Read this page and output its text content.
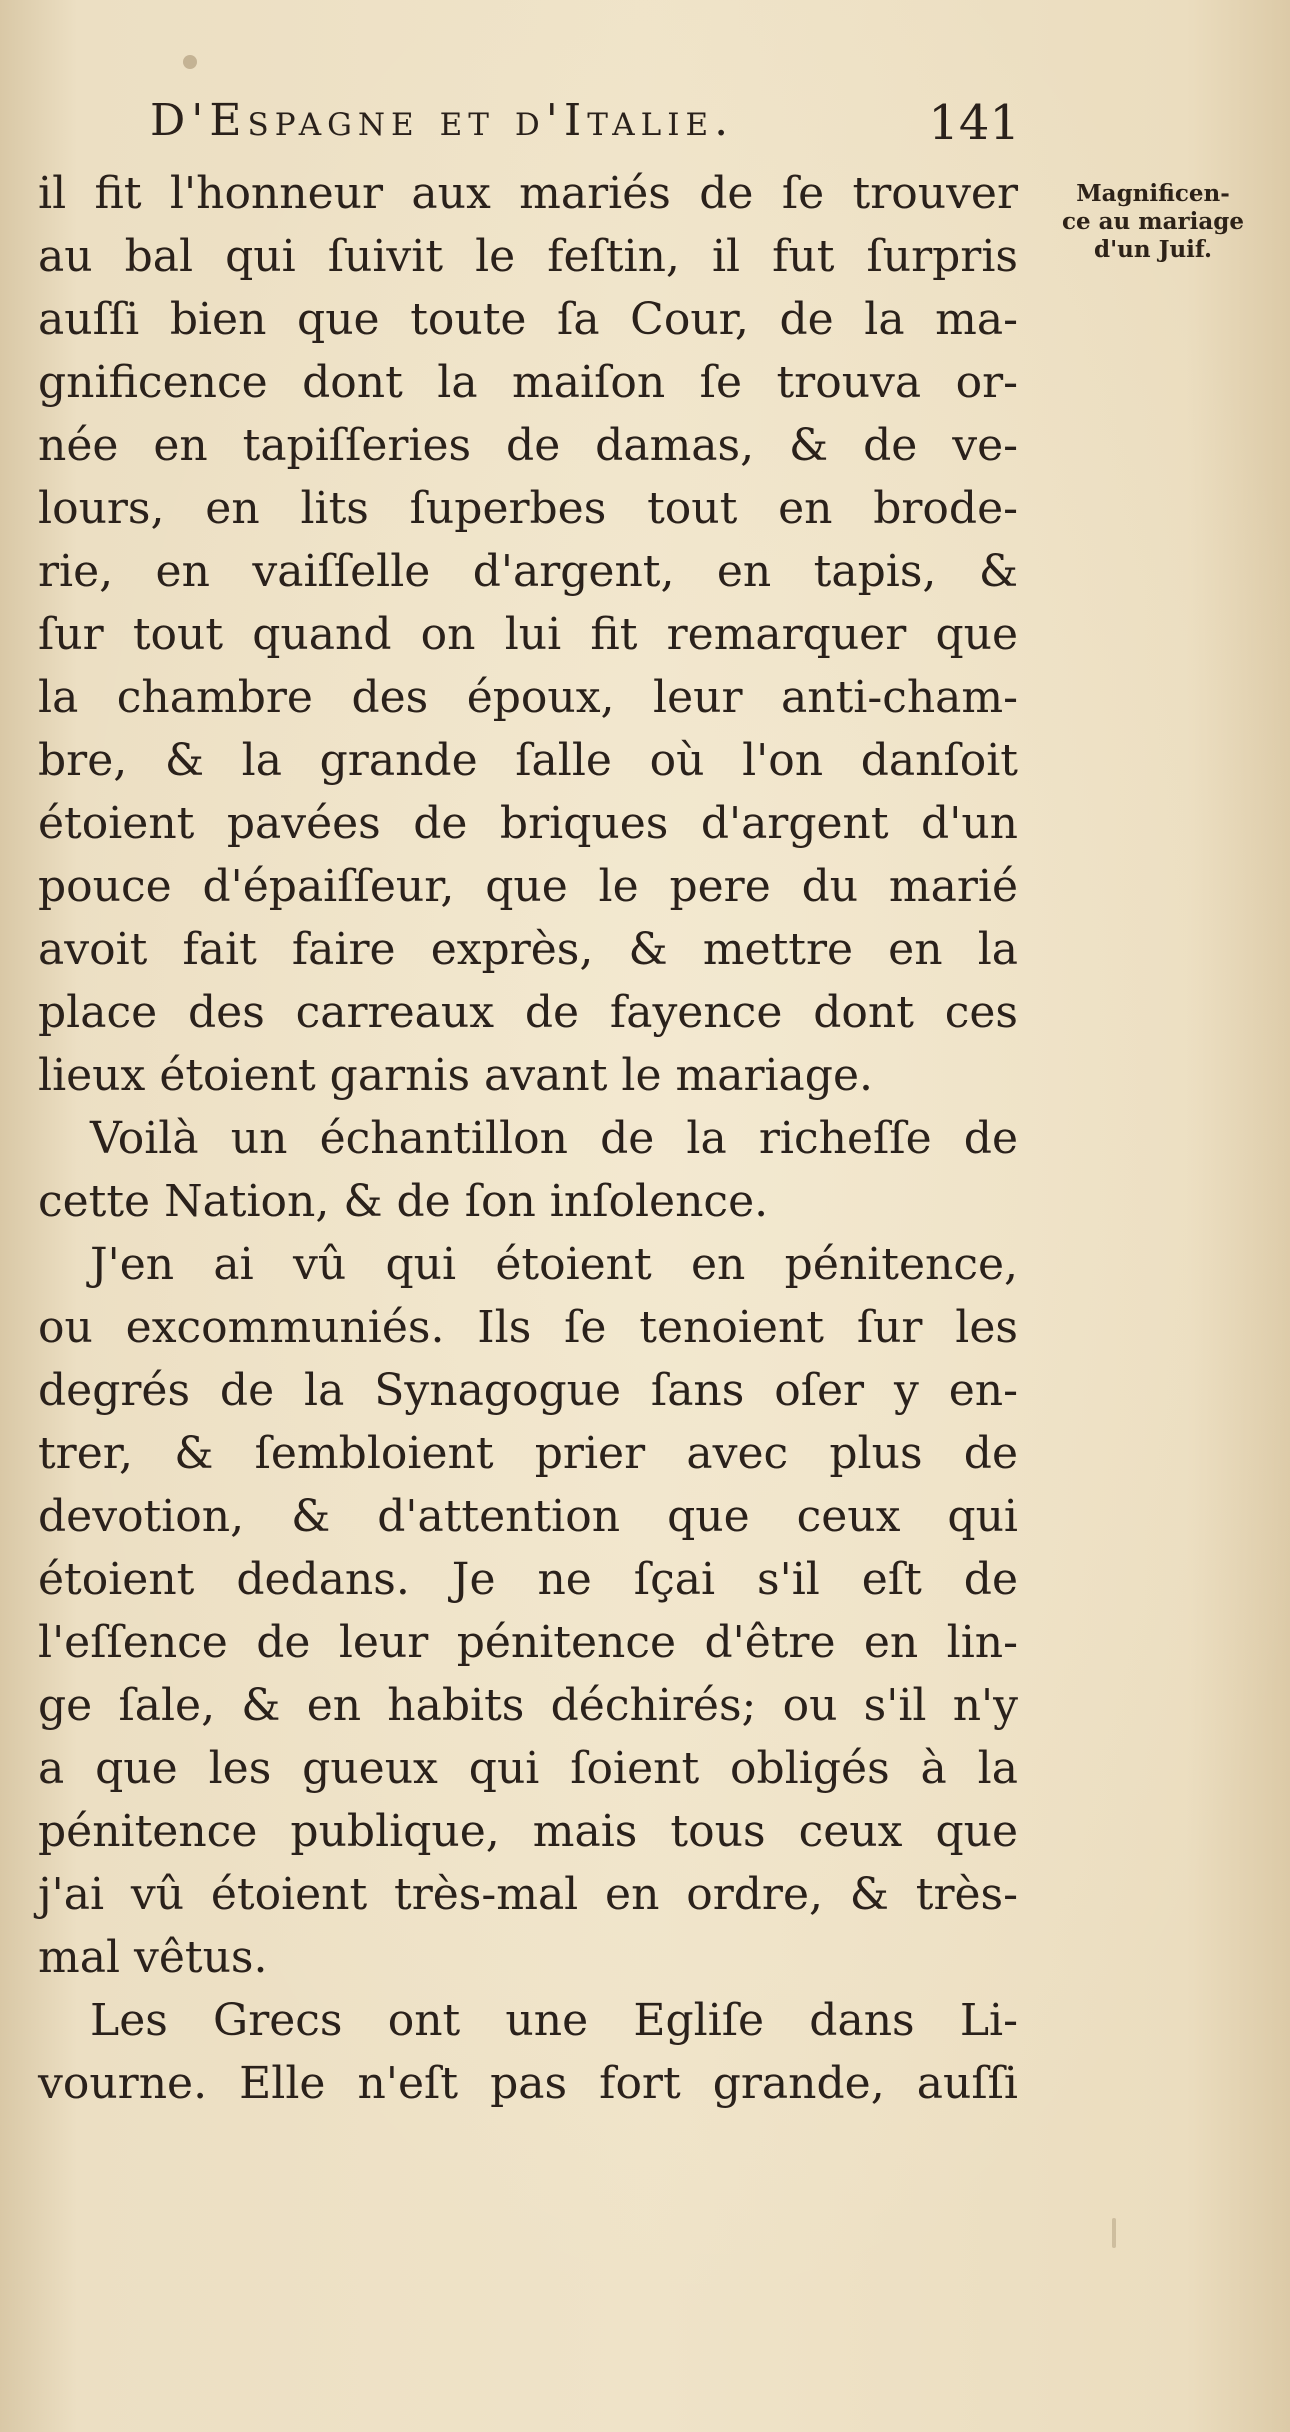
D'Espagne et d'Italie.	141
Magnificen-
ce au mariage
d'un Juif.
il fit l'honneur aux mariés de ſe trouver
au bal qui ſuivit le feſtin, il fut ſurpris
auſſi bien que toute ſa Cour, de la ma-
gnificence dont la maiſon ſe trouva or-
née en tapiſſeries de damas, & de ve-
lours, en lits ſuperbes tout en brode-
rie, en vaiſſelle d'argent, en tapis, &
ſur tout quand on lui fit remarquer que
la chambre des époux, leur anti-cham-
bre, & la grande ſalle où l'on danſoit
étoient pavées de briques d'argent d'un
pouce d'épaiſſeur, que le pere du marié
avoit fait faire exprès, & mettre en la
place des carreaux de fayence dont ces
lieux étoient garnis avant le mariage.
Voilà un échantillon de la richeſſe de
cette Nation, & de ſon inſolence.
J'en ai vû qui étoient en pénitence,
ou excommuniés. Ils ſe tenoient ſur les
degrés de la Synagogue ſans oſer y en-
trer, & ſembloient prier avec plus de
devotion, & d'attention que ceux qui
étoient dedans. Je ne ſçai s'il eſt de
l'eſſence de leur pénitence d'être en lin-
ge ſale, & en habits déchirés; ou s'il n'y
a que les gueux qui ſoient obligés à la
pénitence publique, mais tous ceux que
j'ai vû étoient très-mal en ordre, & très-
mal vêtus.
Les Grecs ont une Egliſe dans Li-
vourne. Elle n'eſt pas fort grande, auſſi
